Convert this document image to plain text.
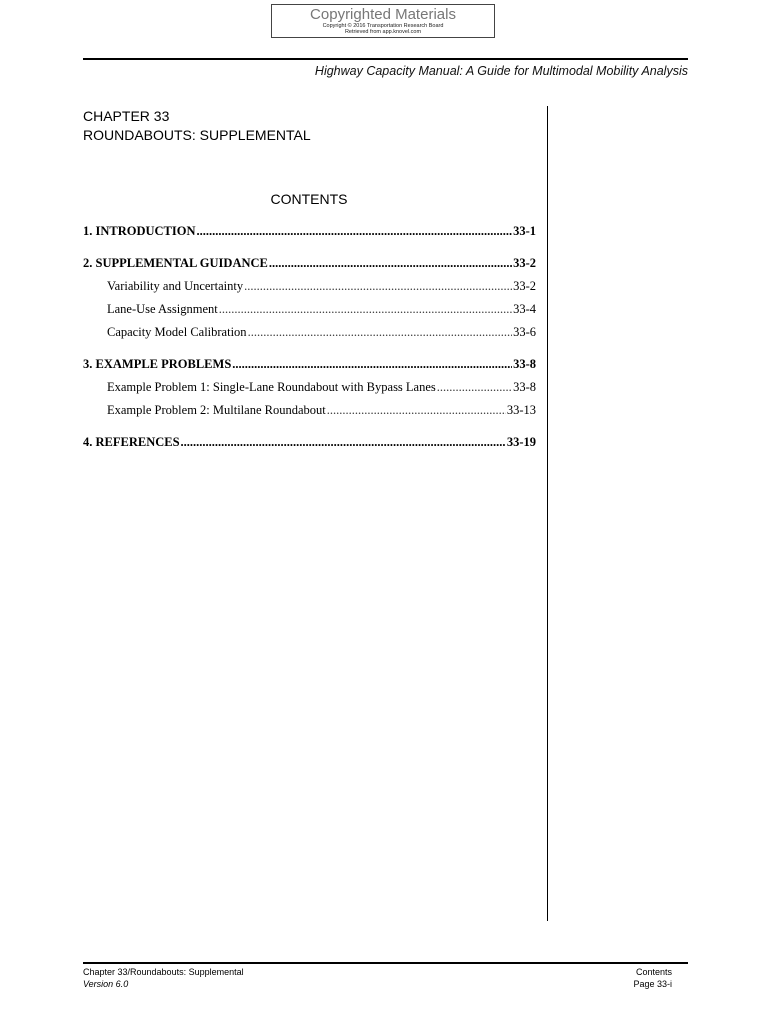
Copyrighted Materials
Copyright © 2016 Transportation Research Board
Retrieved from app.knovel.com
Highway Capacity Manual: A Guide for Multimodal Mobility Analysis
CHAPTER 33
ROUNDABOUTS: SUPPLEMENTAL
CONTENTS
1. INTRODUCTION .....	33-1
2. SUPPLEMENTAL GUIDANCE .....	33-2
Variability and Uncertainty .....	33-2
Lane-Use Assignment .....	33-4
Capacity Model Calibration .....	33-6
3. EXAMPLE PROBLEMS .....	33-8
Example Problem 1: Single-Lane Roundabout with Bypass Lanes .....	33-8
Example Problem 2: Multilane Roundabout .....	33-13
4. REFERENCES .....	33-19
Chapter 33/Roundabouts: Supplemental
Version 6.0
Contents
Page 33-i
